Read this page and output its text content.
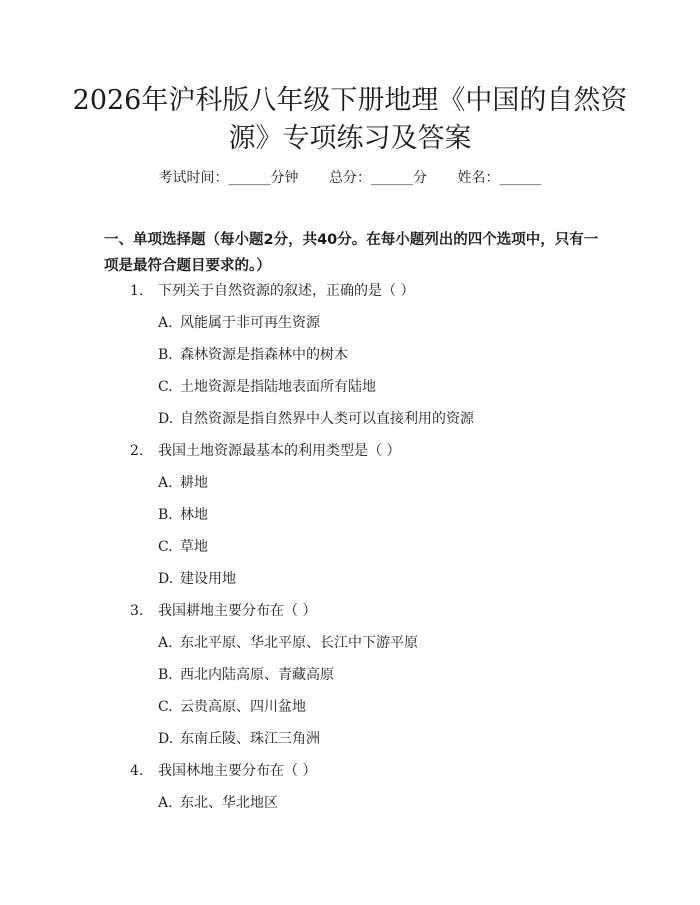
2026年沪科版八年级下册地理《中国的自然资源》专项练习及答案
考试时间：______分钟 总分：______分 姓名：______
一、单项选择题（每小题2分，共40分。在每小题列出的四个选项中，只有一项是最符合题目要求的。）
1. 下列关于自然资源的叙述，正确的是（ ）
A. 风能属于非可再生资源
B. 森林资源是指森林中的树木
C. 土地资源是指陆地表面所有陆地
D. 自然资源是指自然界中人类可以直接利用的资源
2. 我国土地资源最基本的利用类型是（ ）
A. 耕地
B. 林地
C. 草地
D. 建设用地
3. 我国耕地主要分布在（ ）
A. 东北平原、华北平原、长江中下游平原
B. 西北内陆高原、青藏高原
C. 云贵高原、四川盆地
D. 东南丘陵、珠江三角洲
4. 我国林地主要分布在（ ）
A. 东北、华北地区
